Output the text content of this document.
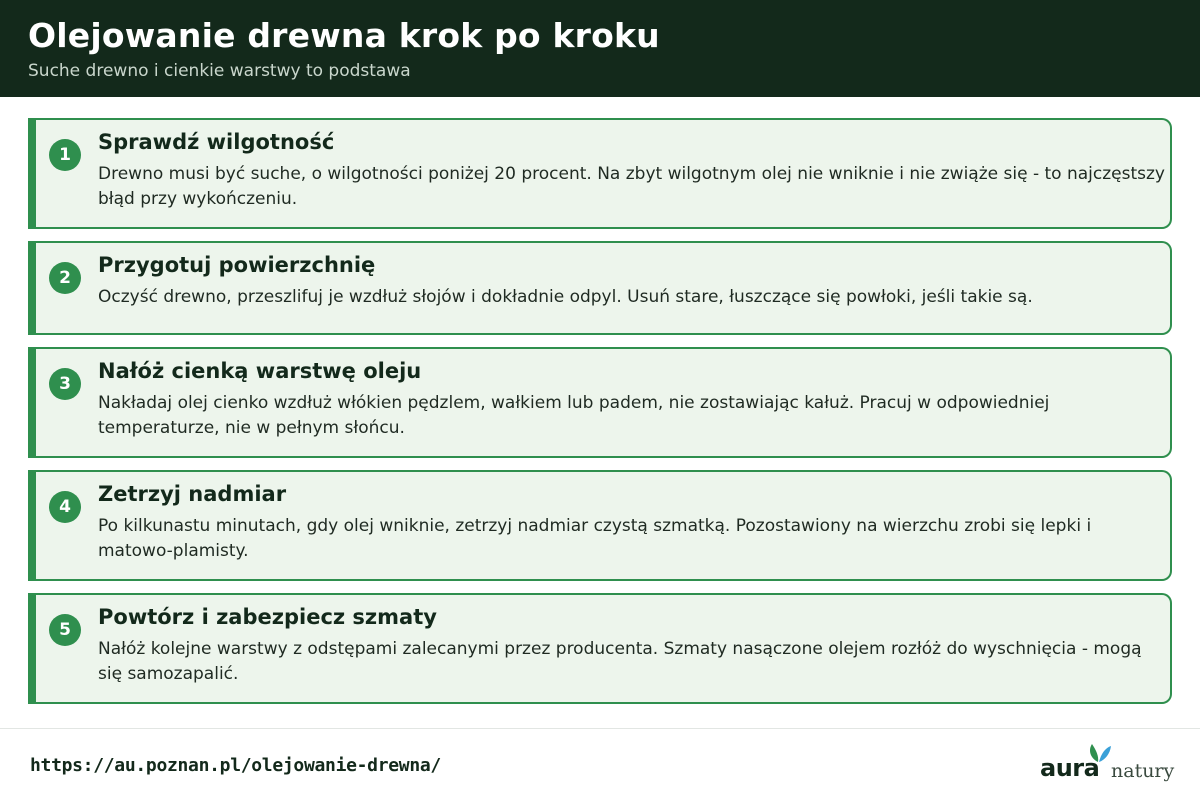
Olejowanie drewna krok po kroku
Suche drewno i cienkie warstwy to podstawa
1
Sprawdź wilgotność
Drewno musi być suche, o wilgotności poniżej 20 procent. Na zbyt wilgotnym olej nie wniknie i nie zwiąże się - to najczęstszy błąd przy wykończeniu.
2
Przygotuj powierzchnię
Oczyść drewno, przeszlifuj je wzdłuż słojów i dokładnie odpyl. Usuń stare, łuszczące się powłoki, jeśli takie są.
3
Nałóż cienką warstwę oleju
Nakładaj olej cienko wzdłuż włókien pędzlem, wałkiem lub padem, nie zostawiając kałuż. Pracuj w odpowiedniej temperaturze, nie w pełnym słońcu.
4
Zetrzyj nadmiar
Po kilkunastu minutach, gdy olej wniknie, zetrzyj nadmiar czystą szmatką. Pozostawiony na wierzchu zrobi się lepki i matowo-plamisty.
5
Powtórz i zabezpiecz szmaty
Nałóż kolejne warstwy z odstępami zalecanymi przez producenta. Szmaty nasączone olejem rozłóż do wyschnięcia - mogą się samozapalić.
https://au.poznan.pl/olejowanie-drewna/	aura natury
